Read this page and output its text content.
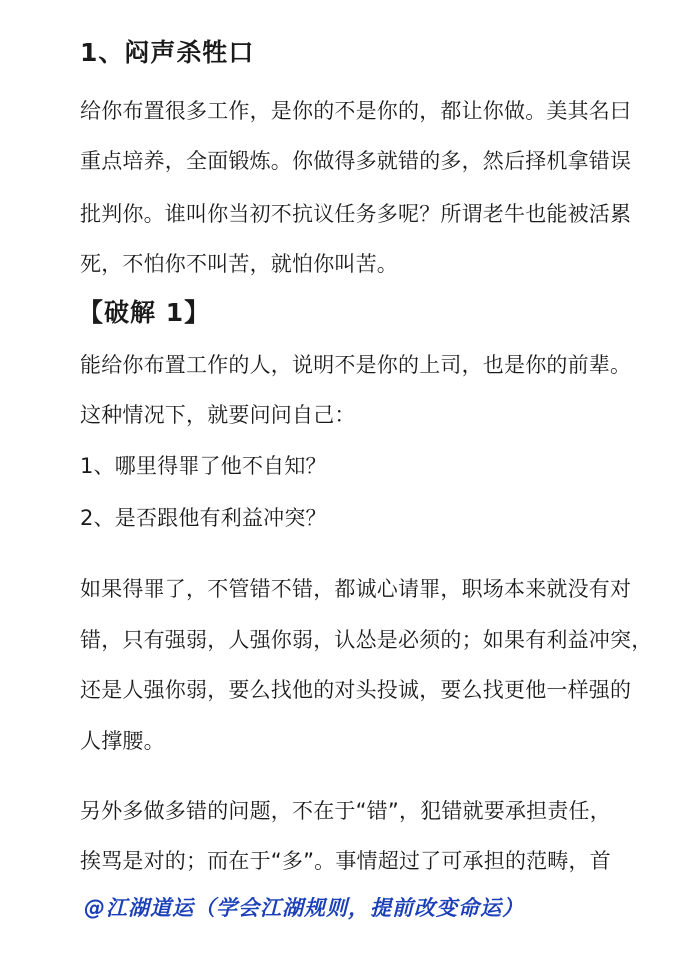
1、闷声杀牲口
给你布置很多工作，是你的不是你的，都让你做。美其名曰
重点培养，全面锻炼。你做得多就错的多，然后择机拿错误
批判你。谁叫你当初不抗议任务多呢？所谓老牛也能被活累
死，不怕你不叫苦，就怕你叫苦。
【破解 1】
能给你布置工作的人，说明不是你的上司，也是你的前辈。
这种情况下，就要问问自己：
1、哪里得罪了他不自知？
2、是否跟他有利益冲突？
如果得罪了，不管错不错，都诚心请罪，职场本来就没有对
错，只有强弱，人强你弱，认怂是必须的；如果有利益冲突，
还是人强你弱，要么找他的对头投诚，要么找更他一样强的
人撑腰。
另外多做多错的问题，不在于“错”，犯错就要承担责任，
挨骂是对的；而在于“多”。事情超过了可承担的范畴，首
@江湖道运（学会江湖规则，提前改变命运）
